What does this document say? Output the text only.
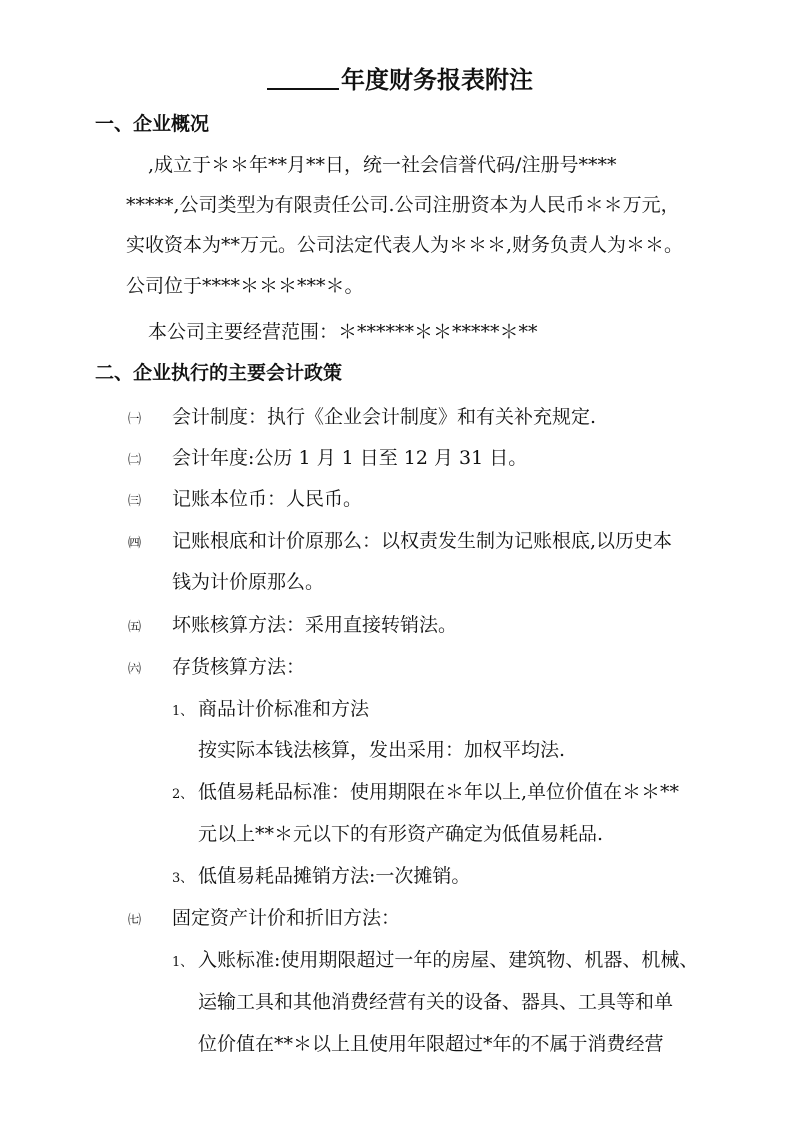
年度财务报表附注
一、企业概况
,成立于＊＊年**月**日，统一社会信誉代码/注册号****
*****,公司类型为有限责任公司.公司注册资本为人民币＊＊万元，
实收资本为**万元。公司法定代表人为＊＊＊,财务负责人为＊＊。
公司位于****＊＊＊***＊。
本公司主要经营范围：＊******＊＊*****＊**
二、企业执行的主要会计政策
㈠ 会计制度：执行《企业会计制度》和有关补充规定.
㈡ 会计年度:公历 1 月 1 日至 12 月 31 日。
㈢ 记账本位币：人民币。
㈣ 记账根底和计价原那么：以权责发生制为记账根底,以历史本
钱为计价原那么。
㈤ 坏账核算方法：采用直接转销法。
㈥ 存货核算方法：
1、 商品计价标准和方法
按实际本钱法核算，发出采用：加权平均法.
2、 低值易耗品标准：使用期限在＊年以上,单位价值在＊＊**
元以上**＊元以下的有形资产确定为低值易耗品.
3、 低值易耗品摊销方法:一次摊销。
㈦ 固定资产计价和折旧方法：
1、 入账标准:使用期限超过一年的房屋、建筑物、机器、机械、
运输工具和其他消费经营有关的设备、器具、工具等和单
位价值在**＊以上且使用年限超过*年的不属于消费经营
